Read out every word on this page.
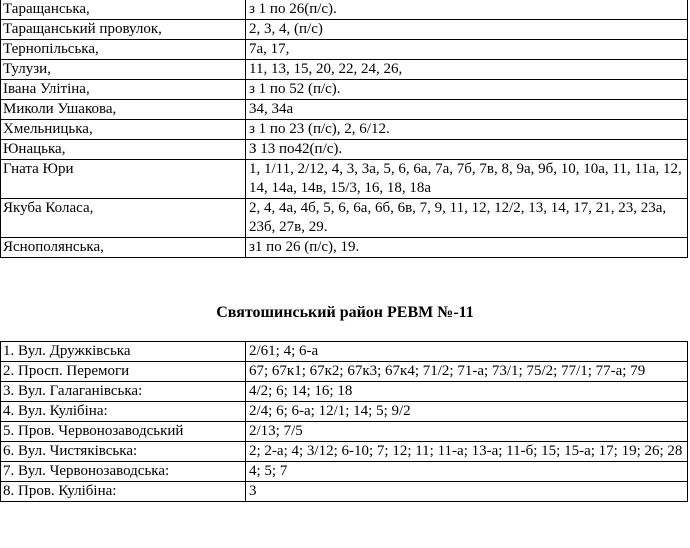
Таращанська,	з 1 по 26(п/с).
Таращанський провулок,	2, 3, 4, (п/с)
Тернопільська,	7а, 17,
Тулузи,	11, 13, 15, 20, 22, 24, 26,
Івана Улітіна,	з 1 по 52 (п/с).
Миколи Ушакова,	34, 34а
Хмельницька,	з 1 по 23 (п/с), 2, 6/12.
Юнацька,	З 13 по42(п/с).
Гната Юри	1, 1/11, 2/12, 4, 3, 3а, 5, 6, 6а, 7а, 7б, 7в, 8, 9а, 9б, 10, 10а, 11, 11а, 12, 14, 14а, 14в, 15/3, 16, 18, 18а
Якуба Коласа,	2, 4, 4а, 4б, 5, 6, 6а, 6б, 6в, 7, 9, 11, 12, 12/2, 13, 14, 17, 21, 23, 23а, 23б, 27в, 29.
Яснополянська,	з1 по 26 (п/с), 19.
Святошинський район РЕВМ №-11
1. Вул. Дружківська	2/61; 4; 6-а
2. Просп. Перемоги	67; 67к1; 67к2; 67к3; 67к4; 71/2; 71-а; 73/1; 75/2; 77/1; 77-а; 79
3. Вул. Галаганівська:	4/2; 6; 14; 16; 18
4. Вул. Кулібіна:	2/4; 6; 6-а; 12/1; 14; 5; 9/2
5. Пров. Червонозаводський	2/13; 7/5
6. Вул. Чистяківська:	2; 2-а; 4; 3/12; 6-10; 7; 12; 11; 11-а; 13-а; 11-б; 15; 15-а; 17; 19; 26; 28
7. Вул. Червонозаводська:	4; 5; 7
8. Пров. Кулібіна:	3
